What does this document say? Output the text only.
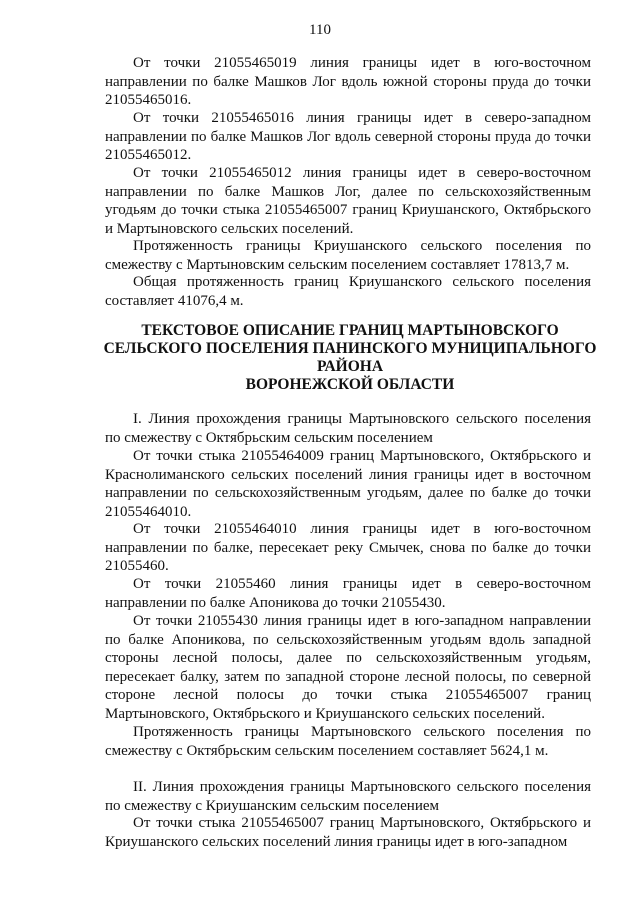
110

От точки 21055465019 линия границы идет в юго-восточном направлении по балке Машков Лог вдоль южной стороны пруда до точки 21055465016.

От точки 21055465016 линия границы идет в северо-западном направлении по балке Машков Лог вдоль северной стороны пруда до точки 21055465012.

От точки 21055465012 линия границы идет в северо-восточном направлении по балке Машков Лог, далее по сельскохозяйственным угодьям до точки стыка 21055465007 границ Криушанского, Октябрьского и Мартыновского сельских поселений.

Протяженность границы Криушанского сельского поселения по смежеству с Мартыновским сельским поселением составляет 17813,7 м.

Общая протяженность границ Криушанского сельского поселения составляет 41076,4 м.

ТЕКСТОВОЕ ОПИСАНИЕ ГРАНИЦ МАРТЫНОВСКОГО
СЕЛЬСКОГО ПОСЕЛЕНИЯ ПАНИНСКОГО МУНИЦИПАЛЬНОГО
РАЙОНА
ВОРОНЕЖСКОЙ ОБЛАСТИ

I. Линия прохождения границы Мартыновского сельского поселения по смежеству с Октябрьским сельским поселением

От точки стыка 21055464009 границ Мартыновского, Октябрьского и Краснолиманского сельских поселений линия границы идет в восточном направлении по сельскохозяйственным угодьям, далее по балке до точки 21055464010.

От точки 21055464010 линия границы идет в юго-восточном направлении по балке, пересекает реку Смычек, снова по балке до точки 21055460.

От точки 21055460 линия границы идет в северо-восточном направлении по балке Апоникова до точки 21055430.

От точки 21055430 линия границы идет в юго-западном направлении по балке Апоникова, по сельскохозяйственным угодьям вдоль западной стороны лесной полосы, далее по сельскохозяйственным угодьям, пересекает балку, затем по западной стороне лесной полосы, по северной стороне лесной полосы до точки стыка 21055465007 границ Мартыновского, Октябрьского и Криушанского сельских поселений.

Протяженность границы Мартыновского сельского поселения по смежеству с Октябрьским сельским поселением составляет 5624,1 м.

II. Линия прохождения границы Мартыновского сельского поселения по смежеству с Криушанским сельским поселением

От точки стыка 21055465007 границ Мартыновского, Октябрьского и Криушанского сельских поселений линия границы идет в юго-западном
